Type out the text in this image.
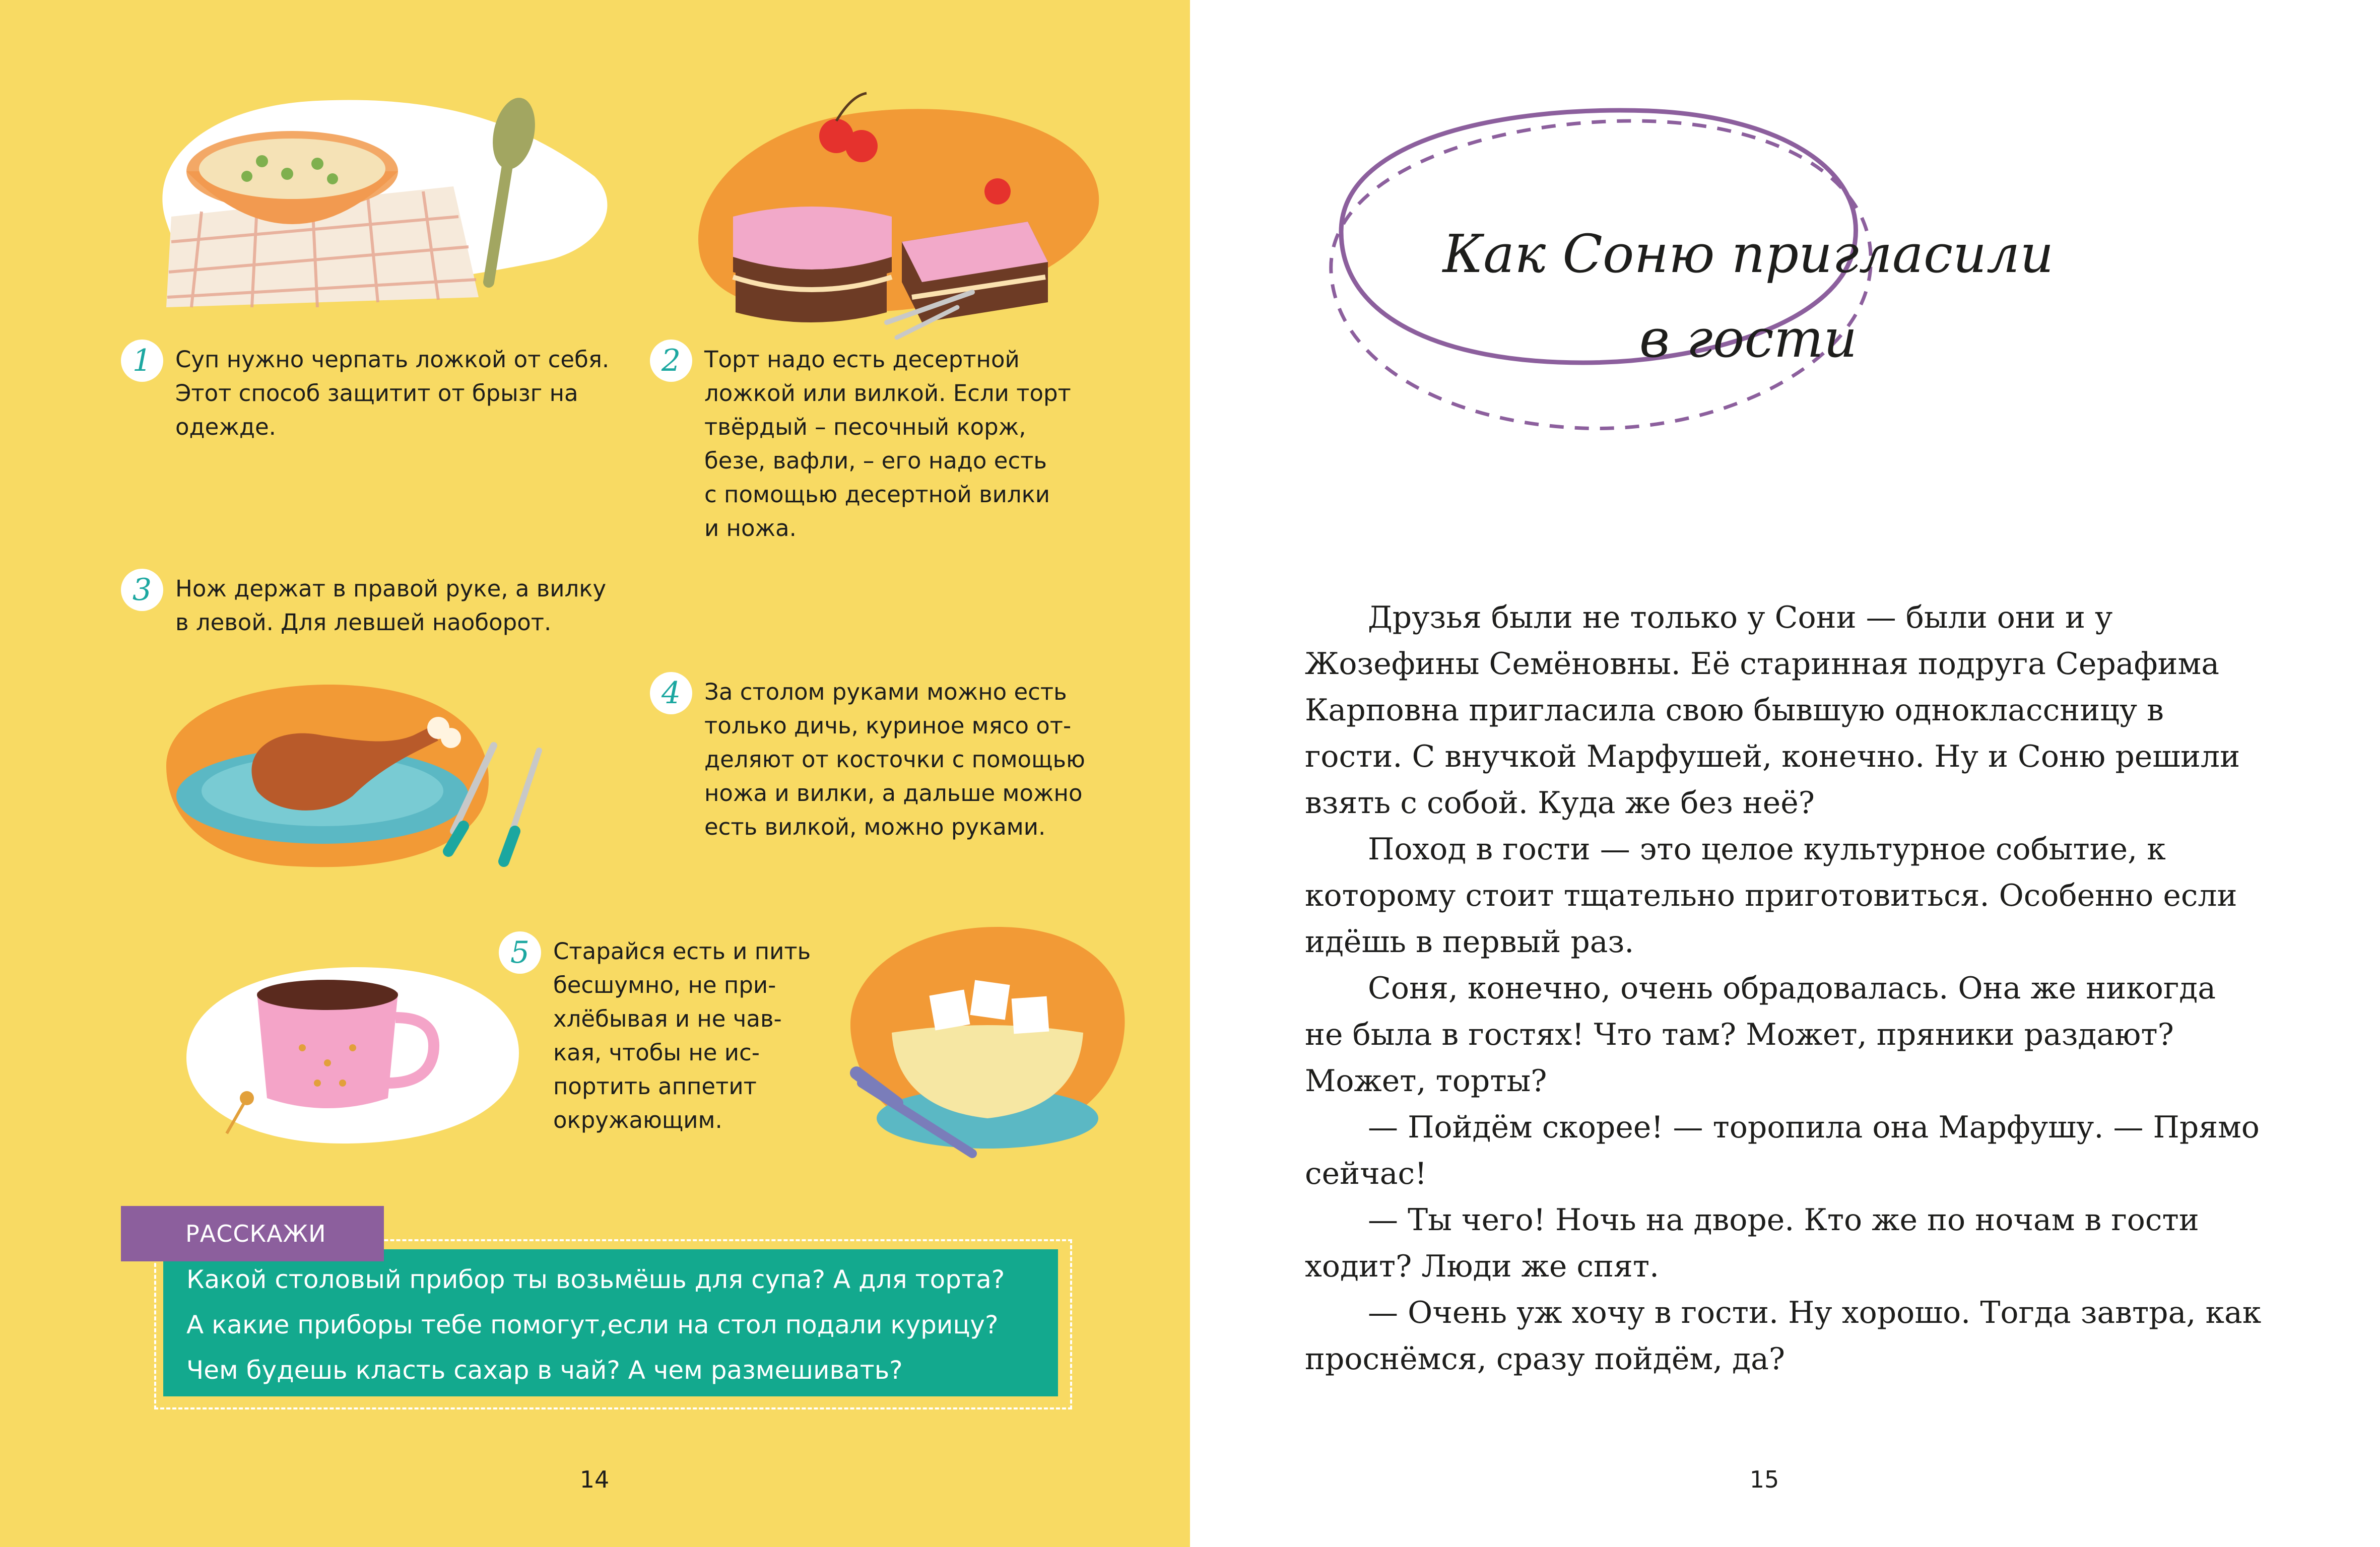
1	Суп нужно черпать ложкой от себя.
Этот способ защитит от брызг на
одежде.
2	Торт надо есть десертной
ложкой или вилкой. Если торт
твёрдый – песочный корж,
безе, вафли, – его надо есть
с помощью десертной вилки
и ножа.
3	Нож держат в правой руке, а вилку
в левой. Для левшей наоборот.
4	За столом руками можно есть
только дичь, куриное мясо от-
деляют от косточки с помощью
ножа и вилки, а дальше можно
есть вилкой, можно руками.
5	Старайся есть и пить
бесшумно, не при-
хлёбывая и не чав-
кая, чтобы не ис-
портить аппетит
окружающим.
РАССКАЖИ
Какой столовый прибор ты возьмёшь для супа? А для торта?
А какие приборы тебе помогут,если на стол подали курицу?
Чем будешь класть сахар в чай? А чем размешивать?
14
Как Соню пригласили
в гости

Друзья были не только у Сони — были они и у Жозефины Семёновны. Её старинная подруга Серафима Карповна пригласила свою бывшую одноклассницу в гости. С внучкой Марфушей, конечно. Ну и Соню решили взять с собой. Куда же без неё?

Поход в гости — это целое культурное событие, к которому стоит тщательно приготовиться. Особенно если идёшь в первый раз.

Соня, конечно, очень обрадовалась. Она же никогда не была в гостях! Что там? Может, пряники раздают? Может, торты?

— Пойдём скорее! — торопила она Марфушу. — Прямо сейчас!

— Ты чего! Ночь на дворе. Кто же по ночам в гости ходит? Люди же спят.

— Очень уж хочу в гости. Ну хорошо. Тогда завтра, как проснёмся, сразу пойдём, да?

15
